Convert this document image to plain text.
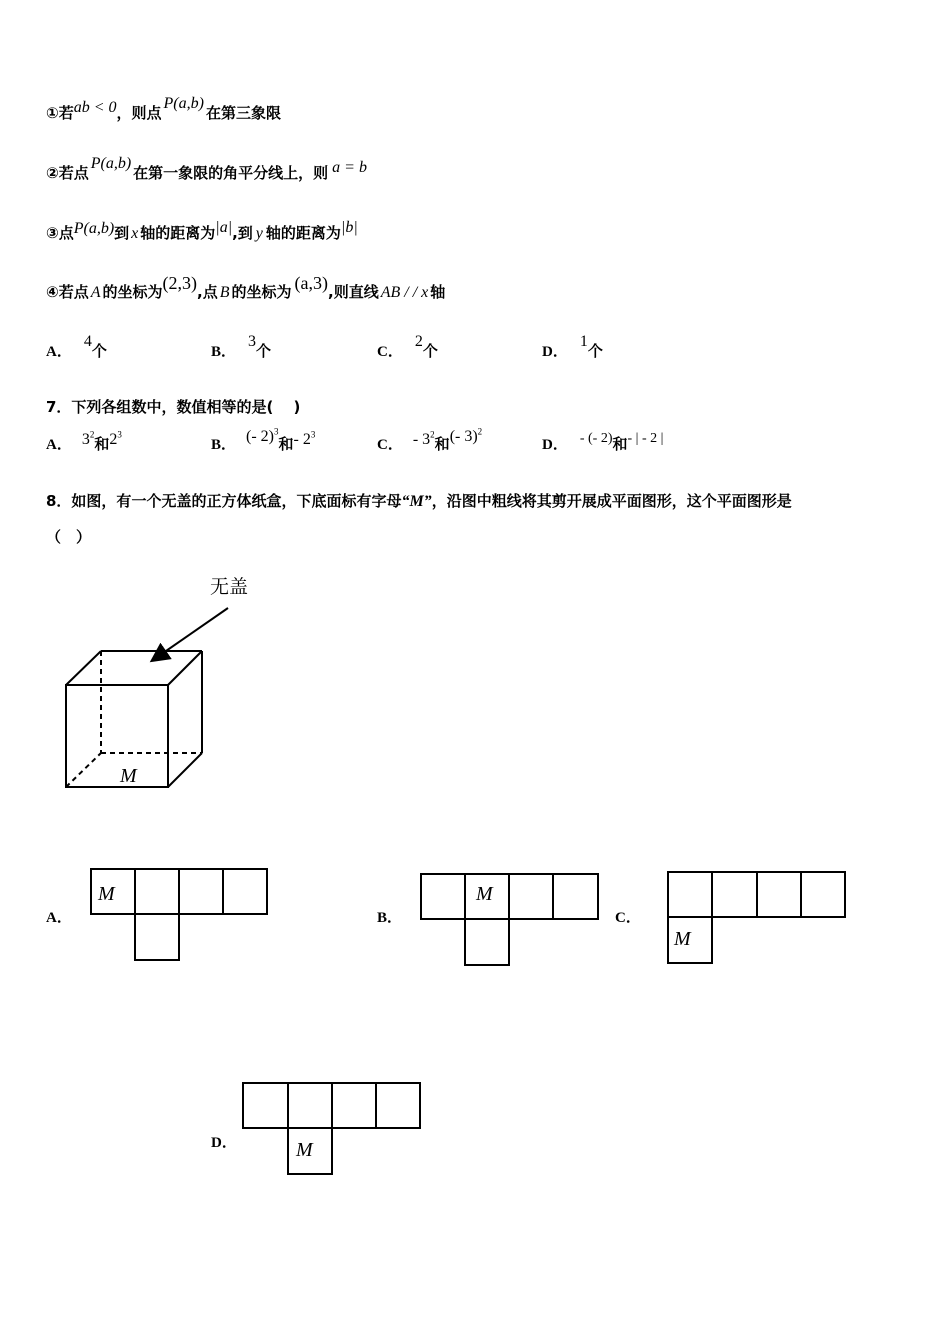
①若ab < 0，则点P(a,b)在第三象限
②若点P(a,b)在第一象限的角平分线上，则 a = b
③点P(a,b)到 x 轴的距离为|a|,到 y 轴的距离为|b|
④若点 A 的坐标为(2,3),点 B 的坐标为 (a,3),则直线 AB / / x 轴
A．4个	B．3个	C．2个	D．1个
7．下列各组数中，数值相等的是(　 )
A． $3^2$和$2^3$
B． (- 2)$^3$和- $2^3$
C． - $3^2$和(- 3)$^2$
D． - (- 2)和- | - 2 |
8．如图，有一个无盖的正方体纸盒，下底面标有字母“M”，沿图中粗线将其剪开展成平面图形，这个平面图形是
（　）
无盖
M
M	M
M
M
A．	B．	C．
D．
